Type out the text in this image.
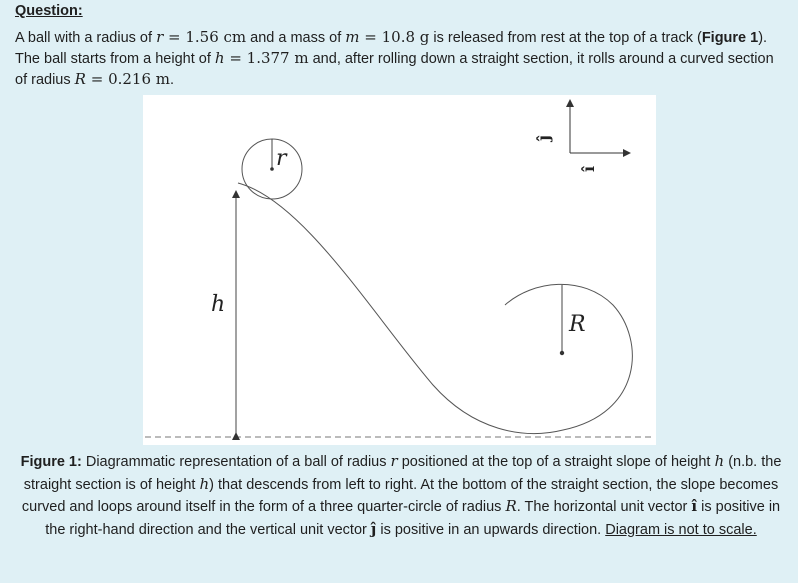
Question:
A ball with a radius of r = 1.56 cm and a mass of m = 10.8 g is released from rest at the top of a track (Figure 1). The ball starts from a height of h = 1.377 m and, after rolling down a straight section, it rolls around a curved section of radius R = 0.216 m.
r
h
R
ĵ
î
Figure 1: Diagrammatic representation of a ball of radius r positioned at the top of a straight slope of height h (n.b. the straight section is of height h) that descends from left to right. At the bottom of the straight section, the slope becomes curved and loops around itself in the form of a three quarter-circle of radius R. The horizontal unit vector î is positive in the right-hand direction and the vertical unit vector ĵ is positive in an upwards direction. Diagram is not to scale.
